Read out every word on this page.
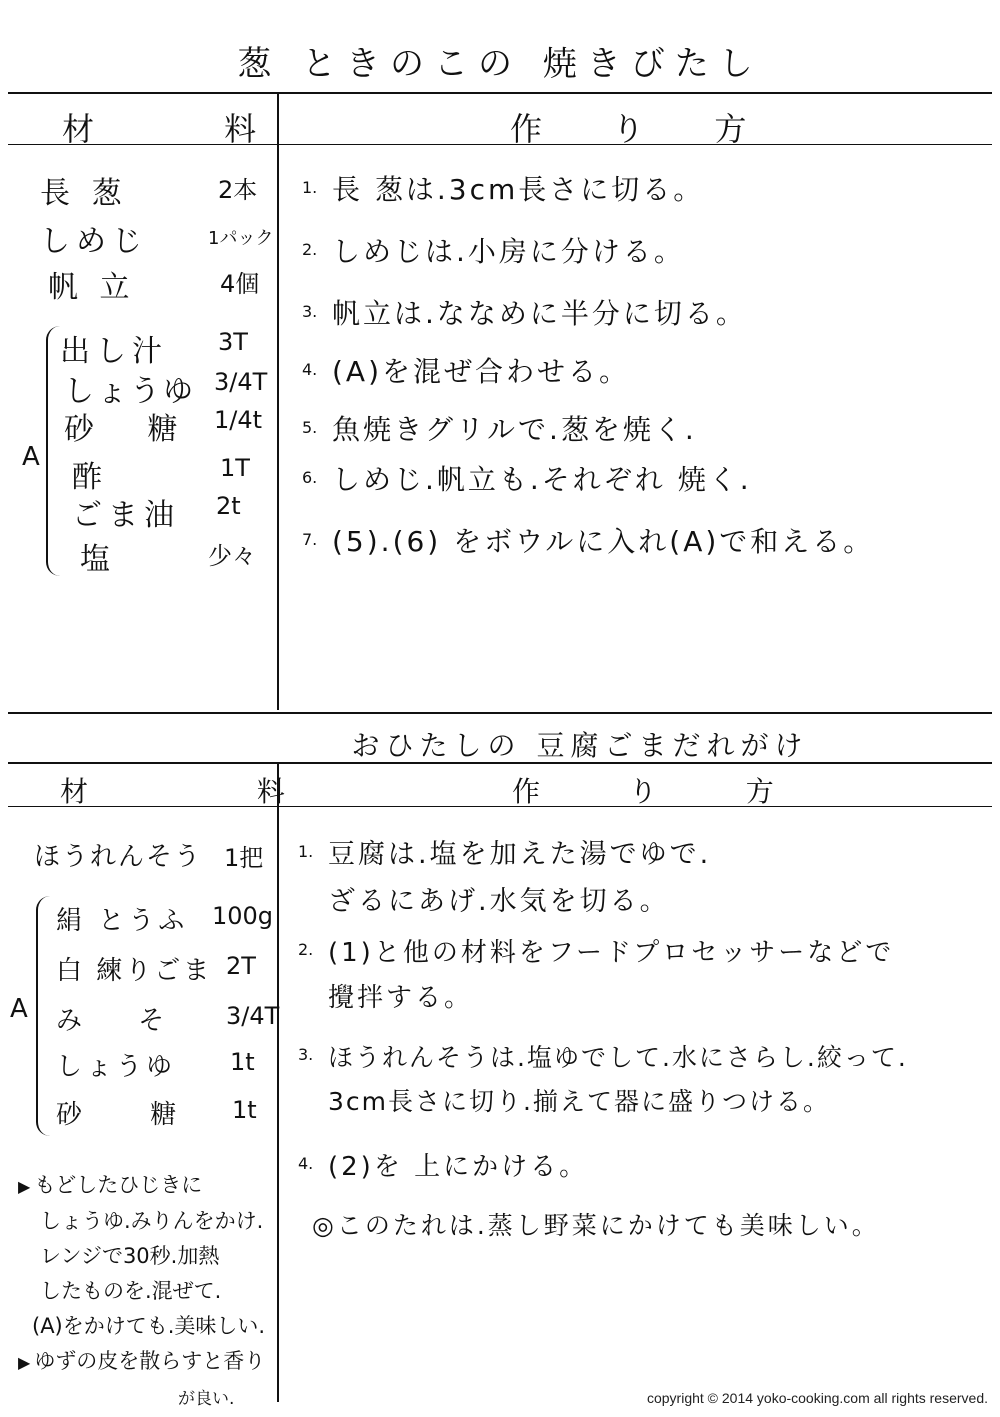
葱 ときのこの 焼きびたし
材 料	作 り 方
長 葱	2本
しめじ	1パック
帆 立	4個
A
出し汁 3T
しょうゆ 3/4T
砂 糖 1/4t
酢	1T
ごま油 2t
塩	少々
1. 長 葱は.3cm長さに切る。
2. しめじは.小房に分ける。
3. 帆立は.ななめに半分に切る。
4. (A)を混ぜ合わせる。
5. 魚焼きグリルで.葱を焼く.
6. しめじ.帆立も.それぞれ 焼く.
7. (5).(6) をボウルに入れ(A)で和える。
おひたしの 豆腐ごまだれがけ
材 料	作 り 方
ほうれんそう 1把
A
絹 とうふ 100g
白 練りごま 2T
み そ 3/4T
しょうゆ 1t
砂 糖 1t
▶ もどしたひじきに
しょうゆ.みりんをかけ.
レンジで30秒.加熱
したものを.混ぜて.
(A)をかけても.美味しい.
▶ ゆずの皮を散らすと香り
が良い.
1. 豆腐は.塩を加えた湯でゆで.
ざるにあげ.水気を切る。
2. (1)と他の材料をフードプロセッサーなどで
攪拌する。
3. ほうれんそうは.塩ゆでして.水にさらし.絞って.
3cm長さに切り.揃えて器に盛りつける。
4. (2)を 上にかける。
◎このたれは.蒸し野菜にかけても美味しい。
copyright © 2014 yoko-cooking.com all rights reserved.
